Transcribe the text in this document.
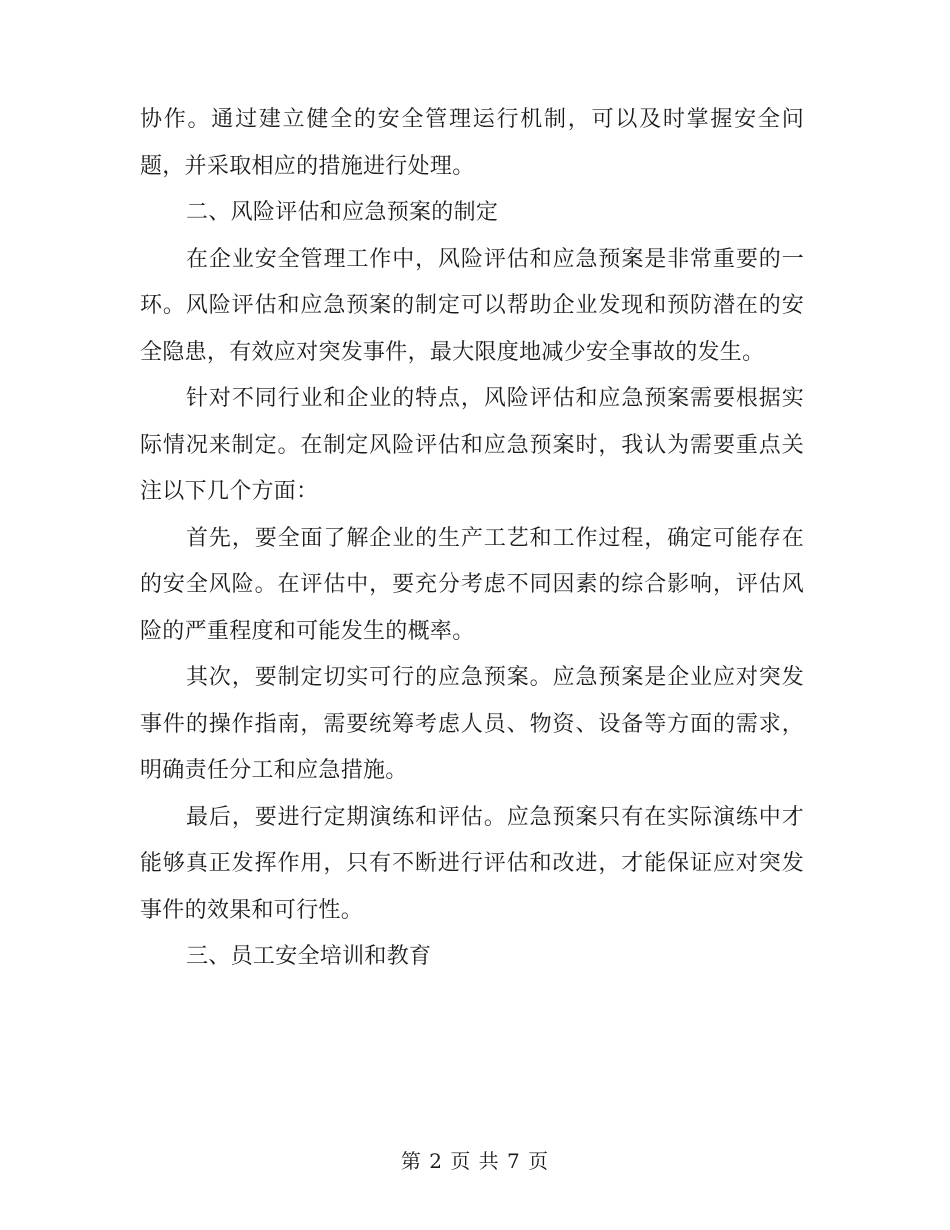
协作。通过建立健全的安全管理运行机制，可以及时掌握安全问题，并采取相应的措施进行处理。

二、风险评估和应急预案的制定

在企业安全管理工作中，风险评估和应急预案是非常重要的一环。风险评估和应急预案的制定可以帮助企业发现和预防潜在的安全隐患，有效应对突发事件，最大限度地减少安全事故的发生。

针对不同行业和企业的特点，风险评估和应急预案需要根据实际情况来制定。在制定风险评估和应急预案时，我认为需要重点关注以下几个方面：

首先，要全面了解企业的生产工艺和工作过程，确定可能存在的安全风险。在评估中，要充分考虑不同因素的综合影响，评估风险的严重程度和可能发生的概率。

其次，要制定切实可行的应急预案。应急预案是企业应对突发事件的操作指南，需要统筹考虑人员、物资、设备等方面的需求，明确责任分工和应急措施。

最后，要进行定期演练和评估。应急预案只有在实际演练中才能够真正发挥作用，只有不断进行评估和改进，才能保证应对突发事件的效果和可行性。

三、员工安全培训和教育

第 2 页 共 7 页
